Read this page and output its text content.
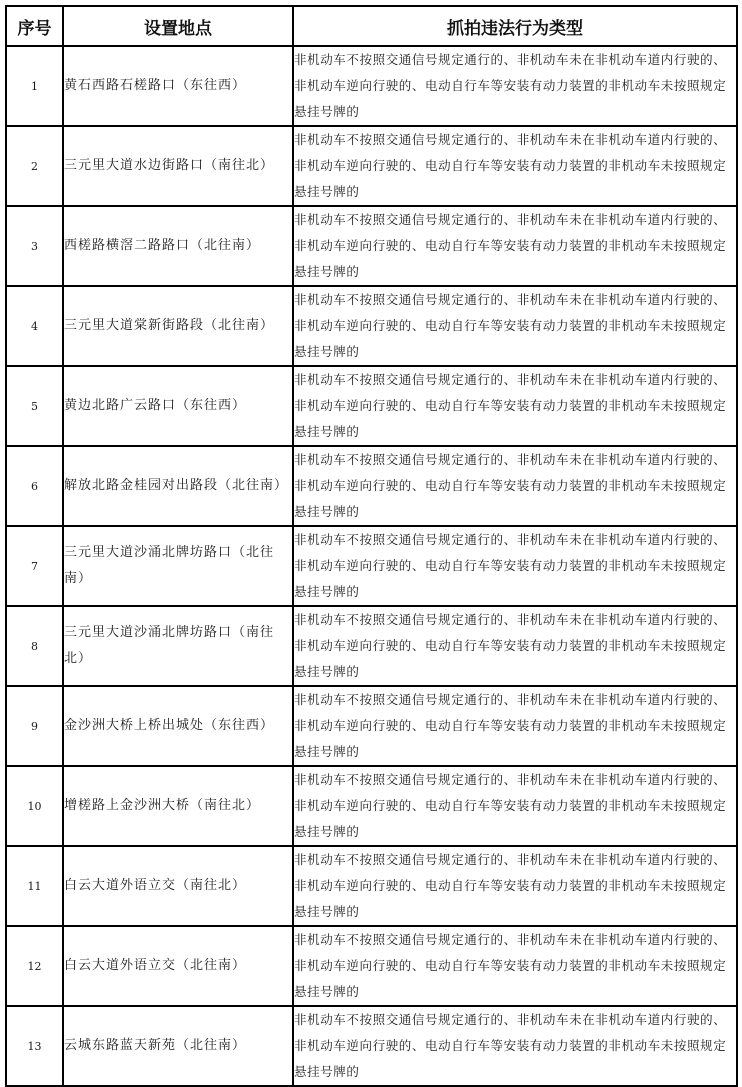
序号	设置地点	抓拍违法行为类型
1	黄石西路石槎路口（东往西）	非机动车不按照交通信号规定通行的、非机动车未在非机动车道内行驶的、非机动车逆向行驶的、电动自行车等安装有动力装置的非机动车未按照规定悬挂号牌的
2	三元里大道水边街路口（南往北）	非机动车不按照交通信号规定通行的、非机动车未在非机动车道内行驶的、非机动车逆向行驶的、电动自行车等安装有动力装置的非机动车未按照规定悬挂号牌的
3	西槎路横滘二路路口（北往南）	非机动车不按照交通信号规定通行的、非机动车未在非机动车道内行驶的、非机动车逆向行驶的、电动自行车等安装有动力装置的非机动车未按照规定悬挂号牌的
4	三元里大道棠新街路段（北往南）	非机动车不按照交通信号规定通行的、非机动车未在非机动车道内行驶的、非机动车逆向行驶的、电动自行车等安装有动力装置的非机动车未按照规定悬挂号牌的
5	黄边北路广云路口（东往西）	非机动车不按照交通信号规定通行的、非机动车未在非机动车道内行驶的、非机动车逆向行驶的、电动自行车等安装有动力装置的非机动车未按照规定悬挂号牌的
6	解放北路金桂园对出路段（北往南）	非机动车不按照交通信号规定通行的、非机动车未在非机动车道内行驶的、非机动车逆向行驶的、电动自行车等安装有动力装置的非机动车未按照规定悬挂号牌的
7	三元里大道沙涌北牌坊路口（北往南）	非机动车不按照交通信号规定通行的、非机动车未在非机动车道内行驶的、非机动车逆向行驶的、电动自行车等安装有动力装置的非机动车未按照规定悬挂号牌的
8	三元里大道沙涌北牌坊路口（南往北）	非机动车不按照交通信号规定通行的、非机动车未在非机动车道内行驶的、非机动车逆向行驶的、电动自行车等安装有动力装置的非机动车未按照规定悬挂号牌的
9	金沙洲大桥上桥出城处（东往西）	非机动车不按照交通信号规定通行的、非机动车未在非机动车道内行驶的、非机动车逆向行驶的、电动自行车等安装有动力装置的非机动车未按照规定悬挂号牌的
10	增槎路上金沙洲大桥（南往北）	非机动车不按照交通信号规定通行的、非机动车未在非机动车道内行驶的、非机动车逆向行驶的、电动自行车等安装有动力装置的非机动车未按照规定悬挂号牌的
11	白云大道外语立交（南往北）	非机动车不按照交通信号规定通行的、非机动车未在非机动车道内行驶的、非机动车逆向行驶的、电动自行车等安装有动力装置的非机动车未按照规定悬挂号牌的
12	白云大道外语立交（北往南）	非机动车不按照交通信号规定通行的、非机动车未在非机动车道内行驶的、非机动车逆向行驶的、电动自行车等安装有动力装置的非机动车未按照规定悬挂号牌的
13	云城东路蓝天新苑（北往南）	非机动车不按照交通信号规定通行的、非机动车未在非机动车道内行驶的、非机动车逆向行驶的、电动自行车等安装有动力装置的非机动车未按照规定悬挂号牌的
